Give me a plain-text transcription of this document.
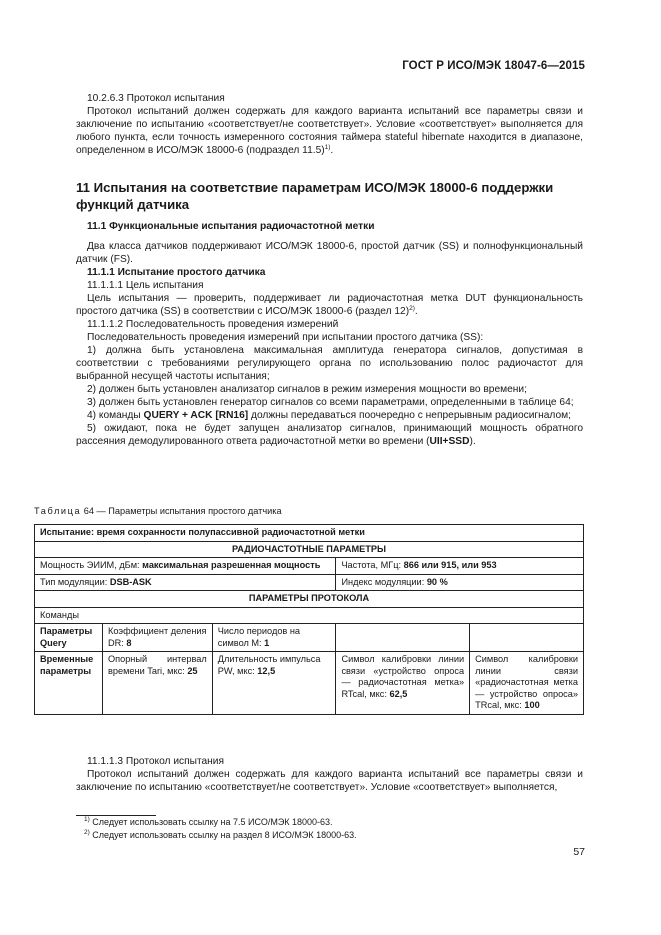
ГОСТ Р ИСО/МЭК 18047-6—2015

10.2.6.3 Протокол испытания

Протокол испытаний должен содержать для каждого варианта испытаний все параметры связи и заключение по испытанию «соответствует/не соответствует». Условие «соответствует» выполняется для любого пункта, если точность измеренного состояния таймера stateful hibernate находится в диапазоне, определенном в ИСО/МЭК 18000-6 (подраздел 11.5)$^{1)}$.

11 Испытания на соответствие параметрам ИСО/МЭК 18000-6 поддержки функций датчика

11.1 Функциональные испытания радиочастотной метки

Два класса датчиков поддерживают ИСО/МЭК 18000-6, простой датчик (SS) и полнофункциональный датчик (FS).

11.1.1 Испытание простого датчика

11.1.1.1 Цель испытания

Цель испытания — проверить, поддерживает ли радиочастотная метка DUT функциональность простого датчика (SS) в соответствии с ИСО/МЭК 18000-6 (раздел 12)$^{2)}$.

11.1.1.2 Последовательность проведения измерений

Последовательность проведения измерений при испытании простого датчика (SS):

1) должна быть установлена максимальная амплитуда генератора сигналов, допустимая в соответствии с требованиями регулирующего органа по использованию полос радиочастот для выбранной несущей частоты испытания;

2) должен быть установлен анализатор сигналов в режим измерения мощности во времени;

3) должен быть установлен генератор сигналов со всеми параметрами, определенными в таблице 64;

4) команды QUERY + ACK [RN16] должны передаваться поочередно с непрерывным радиосигналом;

5) ожидают, пока не будет запущен анализатор сигналов, принимающий мощность обратного рассеяния демодулированного ответа радиочастотной метки во времени (UII+SSD).

Таблица 64 — Параметры испытания простого датчика
Испытание: время сохранности полупассивной радиочастотной метки				
РАДИОЧАСТОТНЫЕ ПАРАМЕТРЫ				
Мощность ЭИИМ, дБм: максимальная разрешенная мощность			Частота, МГц: 866 или 915, или 953	
Тип модуляции: DSB-ASK			Индекс модуляции: 90 %	
ПАРАМЕТРЫ ПРОТОКОЛА				
Команды				
Параметры Query	Коэффициент деления DR: 8	Число периодов на символ M: 1		
Временные параметры	Опорный интервал времени Tari, мкс: 25	Длительность импульса PW, мкс: 12,5	Символ калибровки линии связи «устройство опроса — радиочастотная метка» RTcal, мкс: 62,5	Символ калибровки линии связи «радиочастотная метка — устройство опроса» TRcal, мкс: 100

11.1.1.3 Протокол испытания

Протокол испытаний должен содержать для каждого варианта испытаний все параметры связи и заключение по испытанию «соответствует/не соответствует». Условие «соответствует» выполняется,

$^{1)}$ Следует использовать ссылку на 7.5 ИСО/МЭК 18000-63.
$^{2)}$ Следует использовать ссылку на раздел 8 ИСО/МЭК 18000-63.
57
